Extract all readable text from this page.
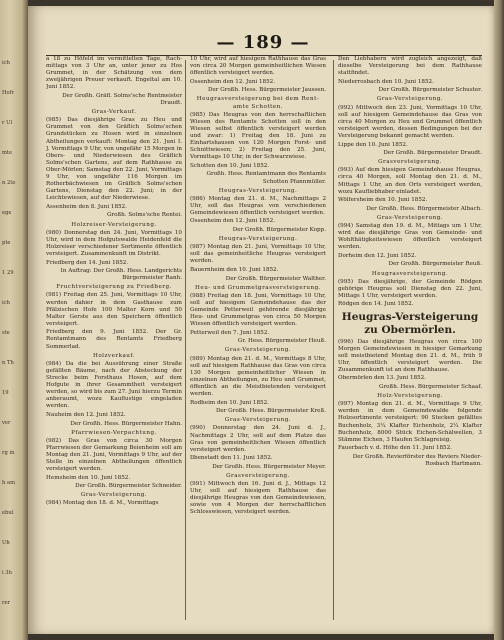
ich
Hofr
r Ul
mte
n 2te
ege
pte
1 29
ich
ste
n Th
19
ver
rg in
h am
ebul
Uh
i 3h
rer
— 189 —

à 18 zu Höfeld im vermittelten Tage, Rach- mittags von 3 Uhr an, unter jener zu Hos Grummet, in der Schätzung von dem zweijährigen Preuer verkauft. Engeltal am 10. Juni 1852.

Der Großh. Gräfl. Solms'sche Rentmeister Draudt.

Gras-Verkauf.

(985) Das diesjährige Gras zu Heu und Grummet von den Gräflich Solms'schen Grundstücken zu Hosen wird in einzelnen Abtheilungen verkauft: Montag den 21. Juni I. J. Vormittags 9 Uhr, von ungefähr 15 Morgen in Obers- und Niederwiesen des Gräflich Solms'schen Gartens, auf dem Rathhause zu Ober-Mörlen; Samstag den 22. Juni, Vormittags 9 Uhr, von ungefähr 116 Morgen im Rotherbächwiesen im Gräflich Solms'schen Gartens, Dienstag den 22. Juni; in der Leichtewiesen, auf der Niederwiese.

Assenheim den 8. Juni 1852.

Großh. Solms'sche Rentei.

Holzreiser-Versteigerung.

(980) Donnerstag den 24. Juni, Vormittags 10 Uhr, wird in dem Hofgutswalde Heidenfeld die Holzreiser verschiedener Sortimente öffentlich versteigert. Zusammenkunft im Distrikt.

Friedberg den 14. Juni 1852.

In Auftrag: Der Großh. Hess. Landgerichts Bürgermeister Ranh.

Fruchtversteigerung zu Friedberg.

(981) Freitag den 25. Juni, Vormittags 10 Uhr, werden dahier in dem Gasthause zum Pfälzischen Hofe 100 Malter Korn und 50 Malter Gerste aus den Speichern öffentlich versteigert.

Friedberg den 9. Juni 1852. Der Gr. Rentamtmann des Rentamts Friedberg Sommerlad.

Holzverkauf.

(984) Da die bei Aussührung einer Straße gefällten Bäume, nach der Absteckung der Strecke beim Forsthaus Hosen, auf dem Hofgute in ihrer Gesammtheit versteigert werden, so wird bis zum 27. Juni hierzu Termin anberaumt, wozu Kauflustige eingeladen werden.

Nauheim den 12. Juni 1852.

Der Großh. Hess. Bürgermeister Hahn.

Pfarrwiesen-Verpachtung.

(982) Das Gras von circa 30 Morgen Pfarrwiesen der Gemarkung Beienheim soll am Montag den 21. Juni, Vormittags 9 Uhr, auf der Stelle in einzelnen Abtheilungen öffentlich versteigert werden.

Hemsheim den 10. Juni 1852.

Der Großh. Bürgermeister Schneider.

Gras-Versteigerung.

(984) Montag den 18. d. M., Vormittags

10 Uhr, wird auf hiesigem Rathhause das Gras von circa 20 Morgen gemeinheitlichen Wiesen öffentlich versteigert werden.

Ossenheim den 12. Juni 1852.

Der Großh. Hess. Bürgermeister Jaussen.

Heugrasversteigerung bei dem Rent- amte Schotten.

(985) Das Heugras von den herrschaftlichen Wiesen des Rentamts Schotten soll in den Wiesen selbst öffentlich versteigert werden und zwar: 1) Freitag den 18. Juni zu Einhartshausen von 120 Morgen Forst- und Schnittwiesen; 2) Freitag den 25. Juni, Vormittags 10 Uhr, in der Schwarzwiese.

Schotten den 10. Juni 1852.

Großh. Hess. Rentamtmann des Rentamts Schotten Pfannmüller.

Heugras-Versteigerung.

(986) Montag den 21. d. M., Nachmittags 2 Uhr, soll das Heugras von verschiedenen Gemeindewiesen öffentlich versteigert werden.

Ossenheim den 12. Juni 1852.

Der Großh. Bürgermeister Kopp.

Heugras-Versteigerung.

(987) Montag den 21. Juni, Vormittags 10 Uhr, soll das gemeinheitliche Heugras versteigert werden.

Bauernheim den 10. Juni 1852.

Der Großh. Bürgermeister Walther.

Heu- und Grummetgrasversteigerung.

(988) Freitag den 18. Juni, Vormittags 10 Uhr, soll auf hiesigem Gemeindehause das der Gemeinde Petterweil gehörende diesjährige Heu- und Grummetgras von circa 50 Morgen Wiesen öffentlich versteigert werden.

Petterweil den 7. Juni 1852.

Gr. Hess. Bürgermeister Heuß.

Gras-Versteigerung.

(989) Montag den 21. d. M., Vormittags 8 Uhr, soll auf hiesigem Rathhause das Gras von circa 130 Morgen gemeinheitlicher Wiesen in einzelnen Abtheilungen, zu Heu und Grummet, öffentlich an die Meistbietenden versteigert werden.

Rodheim den 10. Juni 1852.

Der Großh. Hess. Bürgermeister Kreß.

Gras-Versteigerung.

(990) Donnerstag den 24. Juni d. J., Nachmittags 2 Uhr, soll auf dem Platze das Gras von gemeinheitlichen Wiesen öffentlich versteigert werden.

Ilbenstadt den 11. Juni 1852.

Der Großh. Hess. Bürgermeister Meyer.

Grasversteigerung.

(991) Mittwoch den 16. Juni d. J., Mittags 12 Uhr, soll auf hiesigem Rathhause das diesjährige Heugras von den Gemeindewiesen, sowie von 4 Morgen der herrschaftlichen Schlosswiesen, versteigert werden.

Den Liebhabern wird zugleich angezeigt, daß dieselbe Versteigerung bei dem Rathhause stattfindet.

Niederrosbach den 10. Juni 1852.

Der Großh. Bürgermeister Schuster.

Gras-Versteigerung.

(992) Mittwoch den 23. Juni, Vormittags 10 Uhr, soll auf hiesigem Gemeindehause das Gras von circa 40 Morgen zu Heu und Grummet öffentlich versteigert werden, dessen Bedingungen bei der Versteigerung bekannt gemacht werden.

Lippe den 10. Juni 1852.

Der Großh. Bürgermeister Draudt.

Grasversteigerung.

(993) Auf dem hiesigen Gemeindehause Heugras, circa 40 Morgen, soll Montag den 21. d. M., Mittags 1 Uhr, an den Orts versteigert werden, wozu Kaufliebhaber einladet.

Wölfersheim den 10. Juni 1852.

Der Großh. Hess. Bürgermeister Albach.

Gras-Versteigerung.

(994) Samstag den 19. d. M., Mittags um 1 Uhr, wird das diesjährige Gras von Gemeinde- und Wohlthätigkeitswiesen öffentlich versteigert werden.

Dorheim den 12. Juni 1852.

Der Großh. Bürgermeister Reuß.

Heugrasversteigerung.

(995) Das diesjährige, der Gemeinde Rödgen gehörige Heugras soll Dienstag den 22. Juni, Mittags 1 Uhr, versteigert werden.

Rödgen den 14. Juni 1852.

Heugras-Versteigerung

zu Obermörlen.

(996) Das diesjährige Heugras von circa 100 Morgen Gemeindewiesen in hiesiger Gemarkung soll meistbietend Montag den 21. d. M., früh 9 Uhr, öffentlich versteigert werden. Die Zusammenkunft ist an dem Rathhause.

Obermörlen den 13. Juni 1852.

Großh. Hess. Bürgermeister Schaaf.

Holz-Versteigerung.

(997) Montag den 21. d. M., Vormittags 9 Uhr, werden in dem Gemeindewalde folgende Holzsortimente versteigert: 90 Stecken gefälltes Buchenholz, 3¼ Klafter Eichenholz, 2¼ Klafter Buchenholz, 8000 Stück Eichen-Schälwellen, 3 Stämme Eichen, 3 Haufen Schlagreisig.

Fauerbach v. d. Höhe den 11. Juni 1852.

Der Großh. Revierförster des Reviers Nieder-Rosbach Hartmann.
